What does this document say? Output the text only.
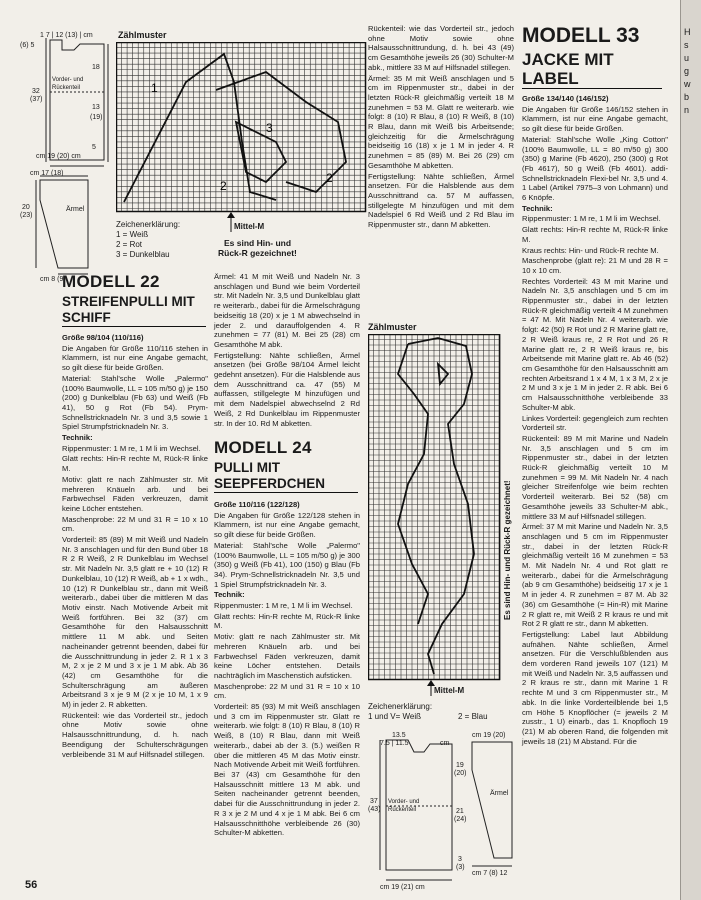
1 7 | 12 (13) | cm
(6) 5
32
(37)
Vorder- und Rückenteil
18
13
(19)
5
cm 19 (20) cm
cm 17 (18)
20
(23)
Ärmel
cm 8 (9)
Zählmuster
1
3
2
2
Mittel-M
Zeichenerklärung:
1 = Weiß
2 = Rot
3 = Dunkelblau
Es sind Hin- und
Rück-R gezeichnet!
MODELL 22
STREIFENPULLI MIT SCHIFF

Größe 98/104 (110/116)

Die Angaben für Größe 110/116 stehen in Klammern, ist nur eine Angabe gemacht, so gilt diese für beide Größen.

Material: Stahl'sche Wolle „Palermo" (100% Baumwolle, LL = 105 m/50 g) je 150 (200) g Dunkelblau (Fb 63) und Weiß (Fb 41), 50 g Rot (Fb 54). Prym-Schnellstricknadeln Nr. 3 und 3,5 sowie 1 Spiel Strumpfstricknadeln Nr. 3.

Technik:

Rippenmuster: 1 M re, 1 M li im Wechsel.

Glatt rechts: Hin-R rechte M, Rück-R linke M.

Motiv: glatt re nach Zählmuster str. Mit mehreren Knäueln arb. und bei Farbwechsel Fäden verkreuzen, damit keine Löcher entstehen.

Maschenprobe: 22 M und 31 R = 10 x 10 cm.

Vorderteil: 85 (89) M mit Weiß und Nadeln Nr. 3 anschlagen und für den Bund über 18 R 2 R Weiß, 2 R Dunkelblau im Wechsel str. Mit Nadeln Nr. 3,5 glatt re + 10 (12) R Dunkelblau, 10 (12) R Weiß, ab + 1 x wdh., 10 (12) R Dunkelblau str., dann mit Weiß weiterarb., dabei über die mittleren M das Motiv einstr. Nach Motivende Arbeit mit Weiß fortführen. Bei 32 (37) cm Gesamthöhe für den Halsausschnitt mittlere 11 M abk. und Seiten nacheinander getrennt beenden, dabei für die Ausschnittrundung in jeder 2. R 1 x 3 M, 2 x je 2 M und 3 x je 1 M abk. Ab 36 (42) cm Gesamthöhe für die Schulterschrägung am äußeren Arbeitsrand 3 x je 9 M (2 x je 10 M, 1 x 9 M) in jeder 2. R abketten.

Rückenteil: wie das Vorderteil str., jedoch ohne Motiv sowie ohne Halsausschnittrundung, d. h. nach Beendigung der Schulterschrägungen verbleibende 31 M auf Hilfsnadel stillegen.

Ärmel: 41 M mit Weiß und Nadeln Nr. 3 anschlagen und Bund wie beim Vorderteil str. Mit Nadeln Nr. 3,5 und Dunkelblau glatt re weiterarb., dabei für die Ärmelschrägung beidseitig 18 (20) x je 1 M abwechselnd in jeder 2. und darauffolgenden 4. R zunehmen = 77 (81) M. Bei 25 (28) cm Gesamthöhe M abk.

Fertigstellung: Nähte schließen, Ärmel ansetzen (bei Größe 98/104 Ärmel leicht gedehnt ansetzen). Für die Halsblende aus dem Ausschnittrand ca. 47 (55) M auffassen, stillgelegte M hinzufügen und mit dem Nadelspiel abwechselnd 2 Rd Weiß, 2 Rd Dunkelblau im Rippenmuster str. In der 10. Rd M abketten.

MODELL 24
PULLI MIT SEEPFERDCHEN

Größe 110/116 (122/128)

Die Angaben für Größe 122/128 stehen in Klammern, ist nur eine Angabe gemacht, so gilt diese für beide Größen.

Material: Stahl'sche Wolle „Palermo" (100% Baumwolle, LL = 105 m/50 g) je 300 (350) g Weiß (Fb 41), 100 (150) g Blau (Fb 34). Prym-Schnellstricknadeln Nr. 3,5 und 1 Spiel Strumpfstricknadeln Nr. 3.

Technik:

Rippenmuster: 1 M re, 1 M li im Wechsel.

Glatt rechts: Hin-R rechte M, Rück-R linke M.

Motiv: glatt re nach Zählmuster str. Mit mehreren Knäueln arb. und bei Farbwechsel Fäden verkreuzen, damit keine Löcher entstehen. Details nachträglich im Maschenstich aufsticken.

Maschenprobe: 22 M und 31 R = 10 x 10 cm.

Vorderteil: 85 (93) M mit Weiß anschlagen und 3 cm im Rippenmuster str. Glatt re weiterarb. wie folgt: 8 (10) R Blau, 8 (10) R Weiß, 8 (10) R Blau, dann mit Weiß weiterarb., dabei ab der 3. (5.) weißen R über die mittleren 45 M das Motiv einstr. Nach Motivende Arbeit mit Weiß fortführen. Bei 37 (43) cm Gesamthöhe für den Halsausschnitt mittlere 13 M abk. und Seiten nacheinander getrennt beenden, dabei für die Ausschnittrundung in jeder 2. R 3 x je 2 M und 4 x je 1 M abk. Bei 6 cm Halsausschnitthöhe verbleibende 26 (30) Schulter-M abketten.

Rückenteil: wie das Vorderteil str., jedoch ohne Motiv sowie ohne Halsausschnittrundung, d. h. bei 43 (49) cm Gesamthöhe jeweils 26 (30) Schulter-M abk., mittlere 33 M auf Hilfsnadel stillegen.

Ärmel: 35 M mit Weiß anschlagen und 5 cm im Rippenmuster str., dabei in der letzten Rück-R gleichmäßig verteilt 18 M zunehmen = 53 M. Glatt re weiterarb. wie folgt: 8 (10) R Blau, 8 (10) R Weiß, 8 (10) R Blau, dann mit Weiß bis Arbeitsende; gleichzeitig für die Ärmelschrägung beidseitig 16 (18) x je 1 M in jeder 4. R zunehmen = 85 (89) M. Bei 26 (29) cm Gesamthöhe M abketten.

Fertigstellung: Nähte schließen, Ärmel ansetzen. Für die Halsblende aus dem Ausschnittrand ca. 57 M auffassen, stillgelegte M hinzufügen und mit dem Nadelspiel 6 Rd Weiß und 2 Rd Blau im Rippenmuster str., dann M abketten.

Zählmuster
Es sind Hin- und Rück-R gezeichnet!
Mittel-M
Zeichenerklärung:
1 und V= Weiß	2 = Blau
13.5
7.5 | 11.5	cm
19
(20)
21
(24)
3
(3)
37
(43)
Vorder- und Rückenteil
cm 19 (21) cm
cm 19 (20)
Ärmel
cm 7 (8) 12
MODELL 33
JACKE MIT LABEL

Größe 134/140 (146/152)

Die Angaben für Größe 146/152 stehen in Klammern, ist nur eine Angabe gemacht, so gilt diese für beide Größen.

Material: Stahl'sche Wolle „King Cotton" (100% Baumwolle, LL = 80 m/50 g) 300 (350) g Marine (Fb 4620), 250 (300) g Rot (Fb 4617), 50 g Weiß (Fb 4601). addi-Schnellstricknadeln Flexi-bel Nr. 3,5 und 4. 1 Label (Artikel 7975–3 von Lohmann) und 6 Knöpfe.

Technik:

Rippenmuster: 1 M re, 1 M li im Wechsel.

Glatt rechts: Hin-R rechte M, Rück-R linke M.

Kraus rechts: Hin- und Rück-R rechte M.

Maschenprobe (glatt re): 21 M und 28 R = 10 x 10 cm.

Rechtes Vorderteil: 43 M mit Marine und Nadeln Nr. 3,5 anschlagen und 5 cm im Rippenmuster str., dabei in der letzten Rück-R gleichmäßig verteilt 4 M zunehmen = 47 M. Mit Nadeln Nr. 4 weiterarb. wie folgt: 42 (50) R Rot und 2 R Marine glatt re, 2 R Weiß kraus re, 2 R Rot und 26 R Marine glatt re, 2 R Weiß kraus re, bis Arbeitsende mit Marine glatt re. Ab 46 (52) cm Gesamthöhe für den Halsausschnitt am rechten Arbeitsrand 1 x 4 M, 1 x 3 M, 2 x je 2 M und 3 x je 1 M in jeder 2. R abk. Bei 6 cm Halsausschnitthöhe verbleibende 33 Schulter-M abk.

Linkes Vorderteil: gegengleich zum rechten Vorderteil str.

Rückenteil: 89 M mit Marine und Nadeln Nr. 3,5 anschlagen und 5 cm im Rippenmuster str., dabei in der letzten Rück-R gleichmäßig verteilt 10 M zunehmen = 99 M. Mit Nadeln Nr. 4 nach gleicher Streifenfolge wie beim rechten Vorderteil weiterarb. Bei 52 (58) cm Gesamthöhe jeweils 33 Schulter-M abk., mittlere 33 M auf Hilfsnadel stillegen.

Ärmel: 37 M mit Marine und Nadeln Nr. 3,5 anschlagen und 5 cm im Rippenmuster str., dabei in der letzten Rück-R gleichmäßig verteilt 16 M zunehmen = 53 M. Mit Nadeln Nr. 4 und Rot glatt re weiterarb., dabei für die Ärmelschrägung (ab 9 cm Gesamthöhe) beidseitig 17 x je 1 M in jeder 4. R zunehmen = 87 M. Ab 32 (36) cm Gesamthöhe (= Hin-R) mit Marine 2 R glatt re, mit Weiß 2 R kraus re und mit Rot 2 R glatt re str., dann M abketten.

Fertigstellung: Label laut Abbildung aufnähen. Nähte schließen, Ärmel ansetzen. Für die Verschlußblenden aus dem vorderen Rand jeweils 107 (121) M mit Weiß und Nadeln Nr. 3,5 auffassen und 2 R kraus re str., dann mit Marine 1 R rechte M und 3 cm Rippenmuster str., M abk. In die linke Vorderteilblende bei 1,5 cm Höhe 5 Knopflöcher (= jeweils 2 M zusstr., 1 U) einarb., das 1. Knopfloch 19 (21) M ab oberen Rand, die folgenden mit jeweils 18 (21) M Abstand. Für die

56
H
s
u
g
w
b
n
